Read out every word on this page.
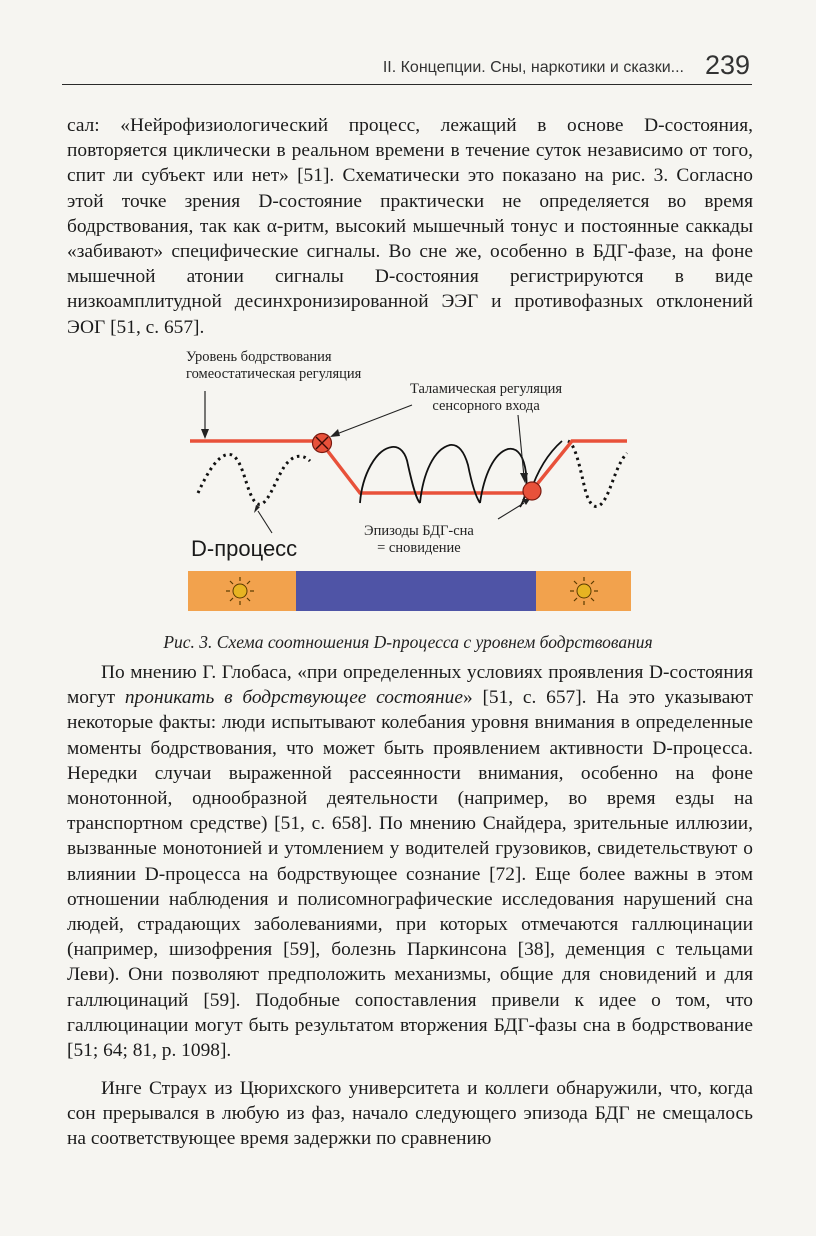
II. Концепции. Сны, наркотики и сказки... 239

сал: «Нейрофизиологический процесс, лежащий в основе D-состояния, повторяется циклически в реальном времени в течение суток независимо от того, спит ли субъект или нет» [51]. Схематически это показано на рис. 3. Согласно этой точке зрения D-состояние практически не определяется во время бодрствования, так как α-ритм, высокий мышечный тонус и постоянные саккады «забивают» специфические сигналы. Во сне же, особенно в БДГ-фазе, на фоне мышечной атонии сигналы D-состояния регистрируются в виде низкоамплитудной десинхронизированной ЭЭГ и противофазных отклонений ЭОГ [51, с. 657].

Уровень бодрствования
гомеостатическая регуляция
Таламическая регуляция
сенсорного входа
Эпизоды БДГ-сна
= сновидение
D-процесс
Рис. 3. Схема соотношения D-процесса с уровнем бодрствования

По мнению Г. Глобаса, «при определенных условиях проявления D-состояния могут проникать в бодрствующее состояние» [51, с. 657]. На это указывают некоторые факты: люди испытывают колебания уровня внимания в определенные моменты бодрствования, что может быть проявлением активности D-процесса. Нередки случаи выраженной рассеянности внимания, особенно на фоне монотонной, однообразной деятельности (например, во время езды на транспортном средстве) [51, с. 658]. По мнению Снайдера, зрительные иллюзии, вызванные монотонией и утомлением у водителей грузовиков, свидетельствуют о влиянии D-процесса на бодрствующее сознание [72]. Еще более важны в этом отношении наблюдения и полисомнографические исследования нарушений сна людей, страдающих заболеваниями, при которых отмечаются галлюцинации (например, шизофрения [59], болезнь Паркинсона [38], деменция с тельцами Леви). Они позволяют предположить механизмы, общие для сновидений и для галлюцинаций [59]. Подобные сопоставления привели к идее о том, что галлюцинации могут быть результатом вторжения БДГ-фазы сна в бодрствование [51; 64; 81, р. 1098].

Инге Страух из Цюрихского университета и коллеги обнаружили, что, когда сон прерывался в любую из фаз, начало следующего эпизода БДГ не смещалось на соответствующее время задержки по сравнению
